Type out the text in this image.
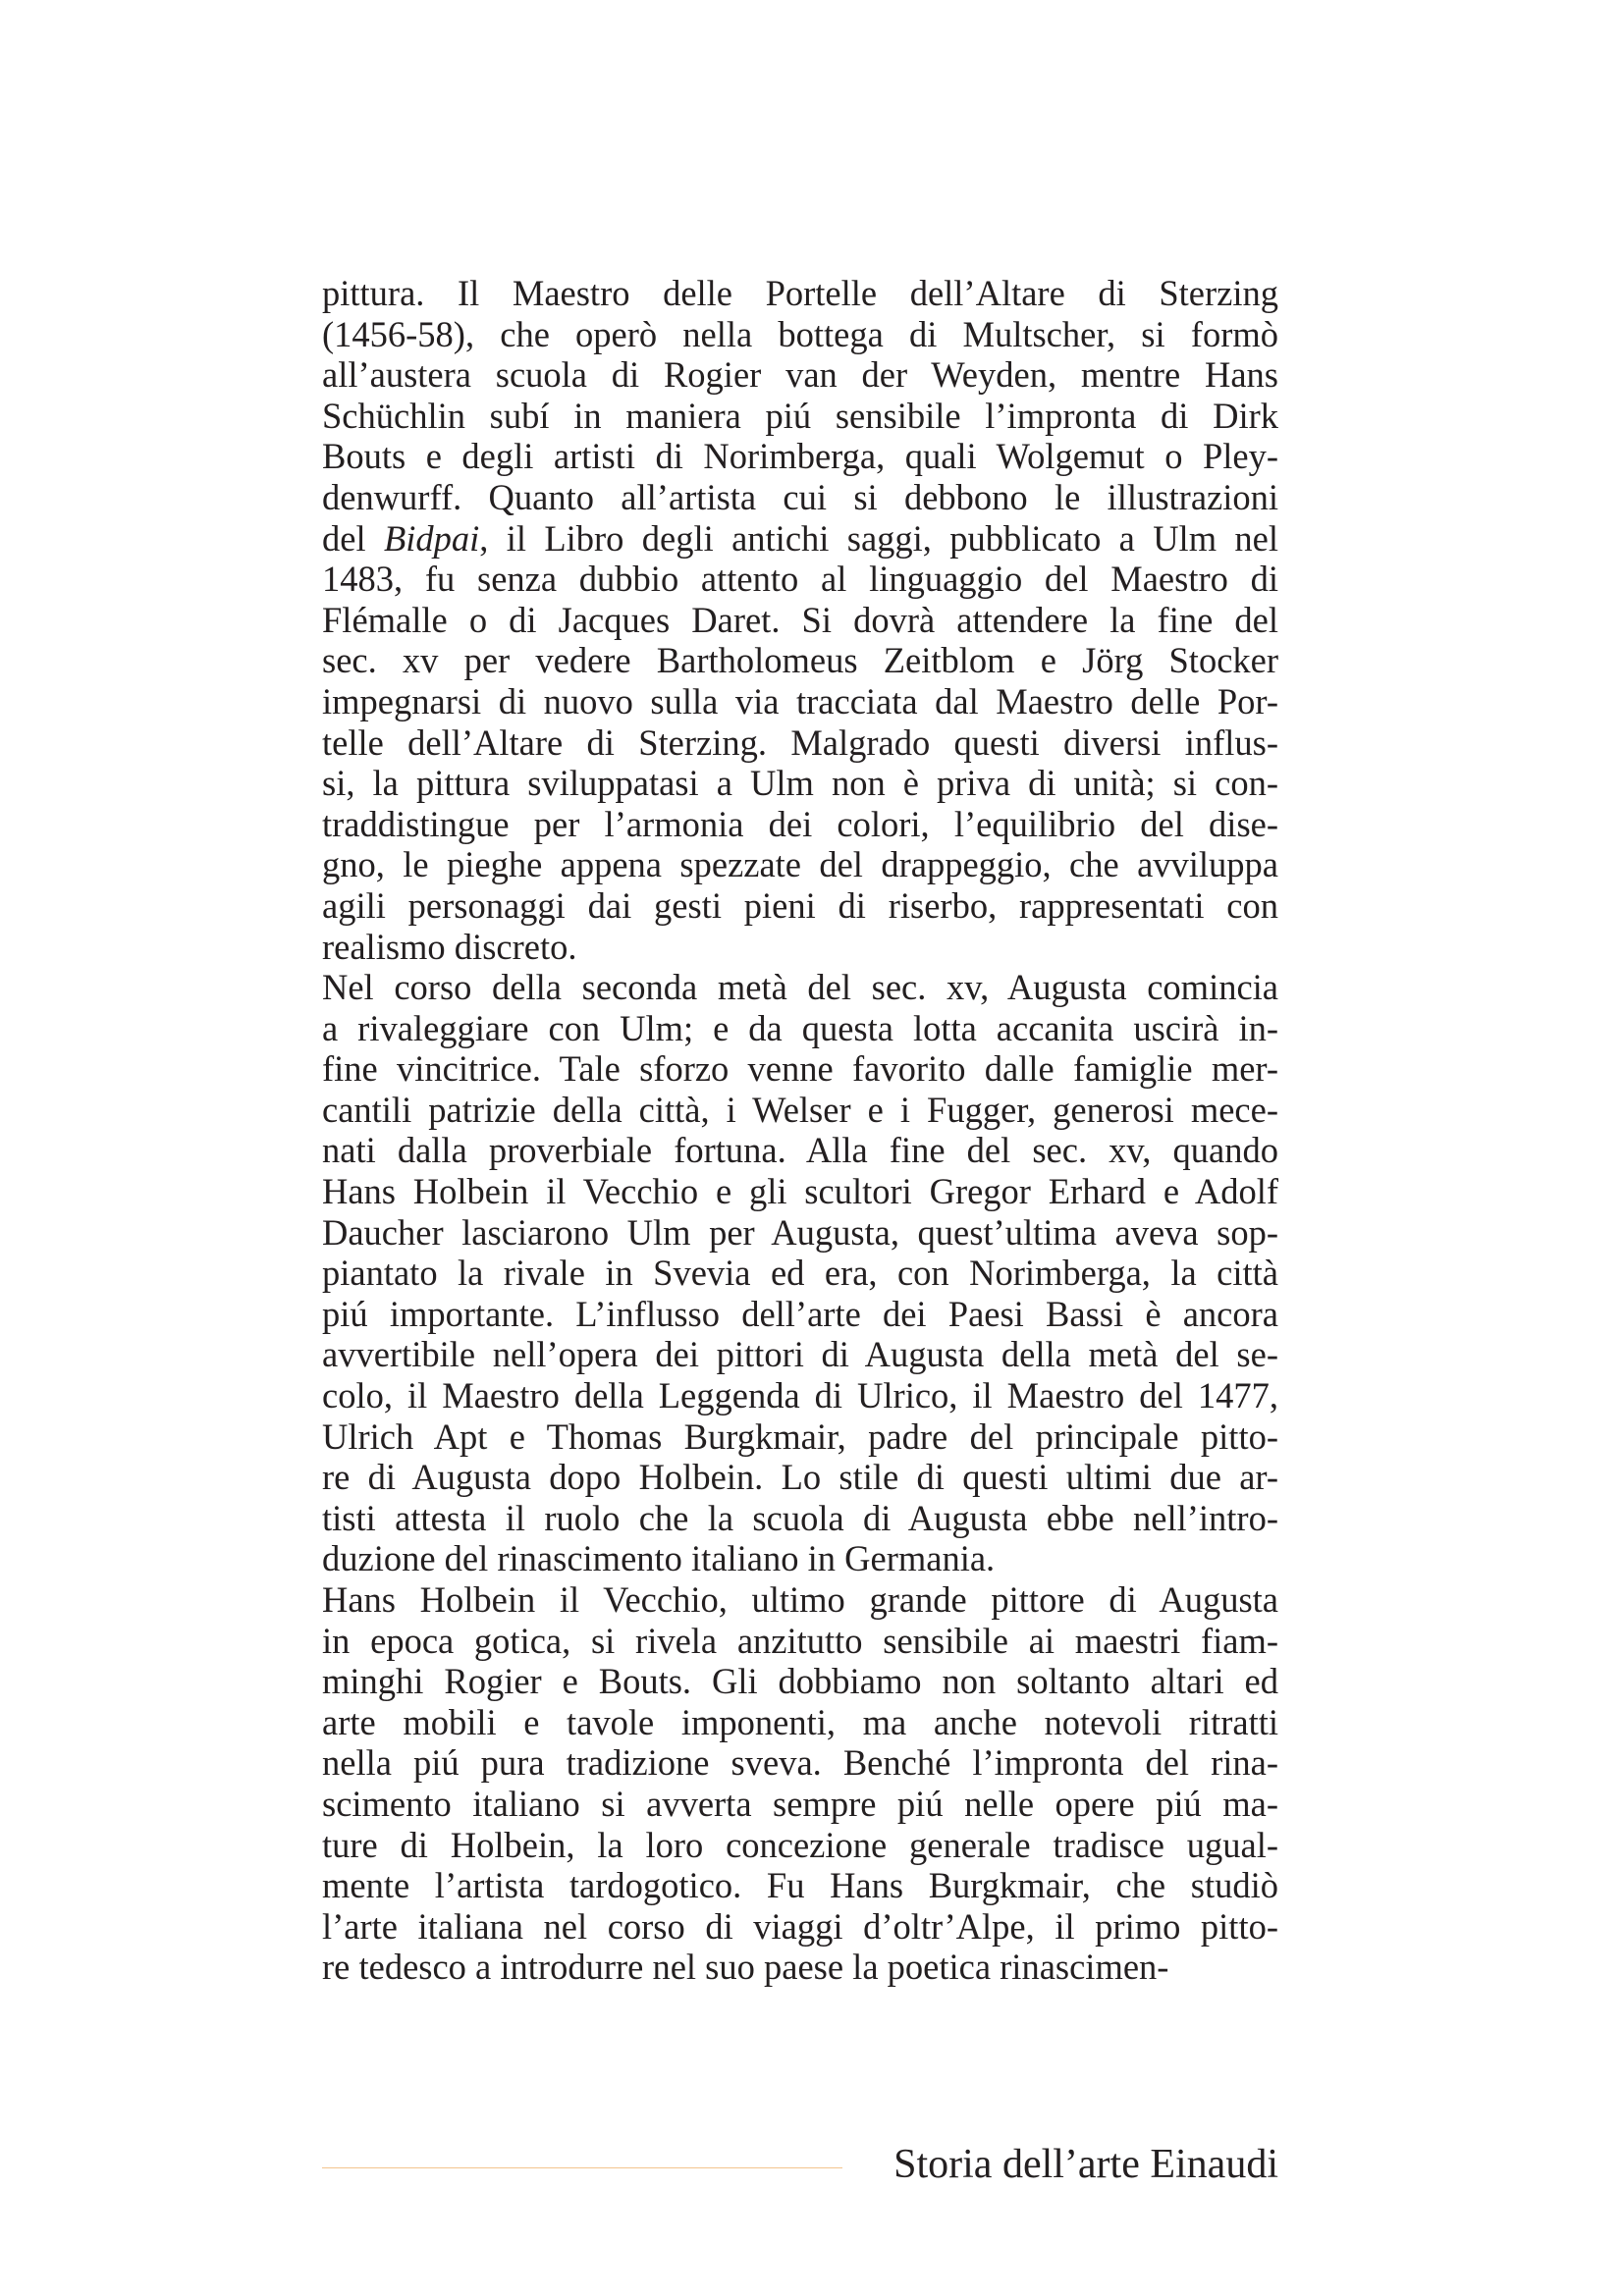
pittura. Il Maestro delle Portelle dell’Altare di Sterzing
(1456-58), che operò nella bottega di Multscher, si formò
all’austera scuola di Rogier van der Weyden, mentre Hans
Schüchlin subí in maniera piú sensibile l’impronta di Dirk
Bouts e degli artisti di Norimberga, quali Wolgemut o Pley-
denwurff. Quanto all’artista cui si debbono le illustrazioni
del Bidpai, il Libro degli antichi saggi, pubblicato a Ulm nel
1483, fu senza dubbio attento al linguaggio del Maestro di
Flémalle o di Jacques Daret. Si dovrà attendere la fine del
sec. xv per vedere Bartholomeus Zeitblom e Jörg Stocker
impegnarsi di nuovo sulla via tracciata dal Maestro delle Por-
telle dell’Altare di Sterzing. Malgrado questi diversi influs-
si, la pittura sviluppatasi a Ulm non è priva di unità; si con-
traddistingue per l’armonia dei colori, l’equilibrio del dise-
gno, le pieghe appena spezzate del drappeggio, che avviluppa
agili personaggi dai gesti pieni di riserbo, rappresentati con
realismo discreto.
Nel corso della seconda metà del sec. xv, Augusta comincia
a rivaleggiare con Ulm; e da questa lotta accanita uscirà in-
fine vincitrice. Tale sforzo venne favorito dalle famiglie mer-
cantili patrizie della città, i Welser e i Fugger, generosi mece-
nati dalla proverbiale fortuna. Alla fine del sec. xv, quando
Hans Holbein il Vecchio e gli scultori Gregor Erhard e Adolf
Daucher lasciarono Ulm per Augusta, quest’ultima aveva sop-
piantato la rivale in Svevia ed era, con Norimberga, la città
piú importante. L’influsso dell’arte dei Paesi Bassi è ancora
avvertibile nell’opera dei pittori di Augusta della metà del se-
colo, il Maestro della Leggenda di Ulrico, il Maestro del 1477,
Ulrich Apt e Thomas Burgkmair, padre del principale pitto-
re di Augusta dopo Holbein. Lo stile di questi ultimi due ar-
tisti attesta il ruolo che la scuola di Augusta ebbe nell’intro-
duzione del rinascimento italiano in Germania.
Hans Holbein il Vecchio, ultimo grande pittore di Augusta
in epoca gotica, si rivela anzitutto sensibile ai maestri fiam-
minghi Rogier e Bouts. Gli dobbiamo non soltanto altari ed
arte mobili e tavole imponenti, ma anche notevoli ritratti
nella piú pura tradizione sveva. Benché l’impronta del rina-
scimento italiano si avverta sempre piú nelle opere piú ma-
ture di Holbein, la loro concezione generale tradisce ugual-
mente l’artista tardogotico. Fu Hans Burgkmair, che studiò
l’arte italiana nel corso di viaggi d’oltr’Alpe, il primo pitto-
re tedesco a introdurre nel suo paese la poetica rinascimen-
Storia dell’arte Einaudi
